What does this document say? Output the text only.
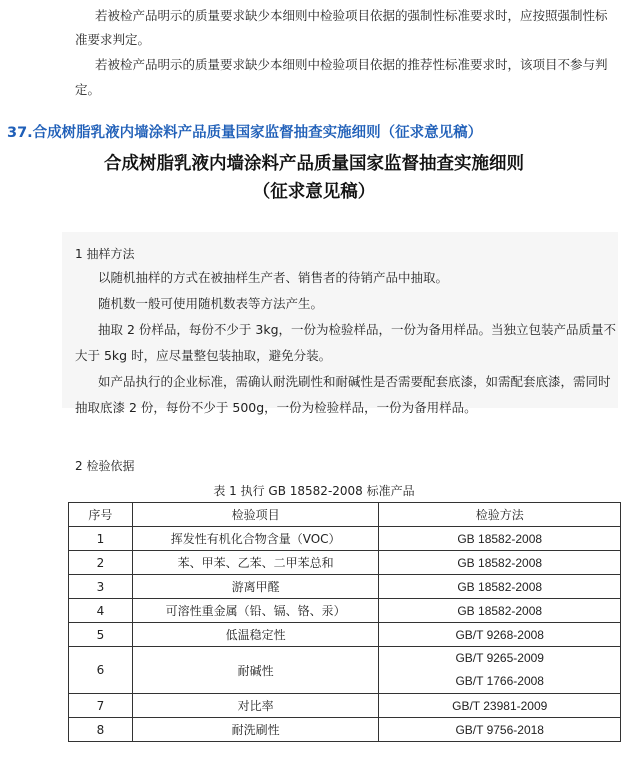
若被检产品明示的质量要求缺少本细则中检验项目依据的强制性标准要求时，应按照强制性标
准要求判定。
若被检产品明示的质量要求缺少本细则中检验项目依据的推荐性标准要求时，该项目不参与判
定。
37.合成树脂乳液内墙涂料产品质量国家监督抽查实施细则（征求意见稿）
合成树脂乳液内墙涂料产品质量国家监督抽查实施细则
（征求意见稿）
1 抽样方法
以随机抽样的方式在被抽样生产者、销售者的待销产品中抽取。
随机数一般可使用随机数表等方法产生。
抽取 2 份样品，每份不少于 3kg，一份为检验样品，一份为备用样品。当独立包装产品质量不
大于 5kg 时，应尽量整包装抽取，避免分装。
如产品执行的企业标准，需确认耐洗刷性和耐碱性是否需要配套底漆，如需配套底漆，需同时
抽取底漆 2 份，每份不少于 500g，一份为检验样品，一份为备用样品。
2 检验依据
表 1 执行 GB 18582-2008 标准产品
序号	检验项目	检验方法
1	挥发性有机化合物含量（VOC）	GB 18582-2008
2	苯、甲苯、乙苯、二甲苯总和	GB 18582-2008
3	游离甲醛	GB 18582-2008
4	可溶性重金属（铅、镉、铬、汞）	GB 18582-2008
5	低温稳定性	GB/T 9268-2008
6	耐碱性	GB/T 9265-2009
GB/T 1766-2008

7	对比率	GB/T 23981-2009
8	耐洗刷性	GB/T 9756-2018
